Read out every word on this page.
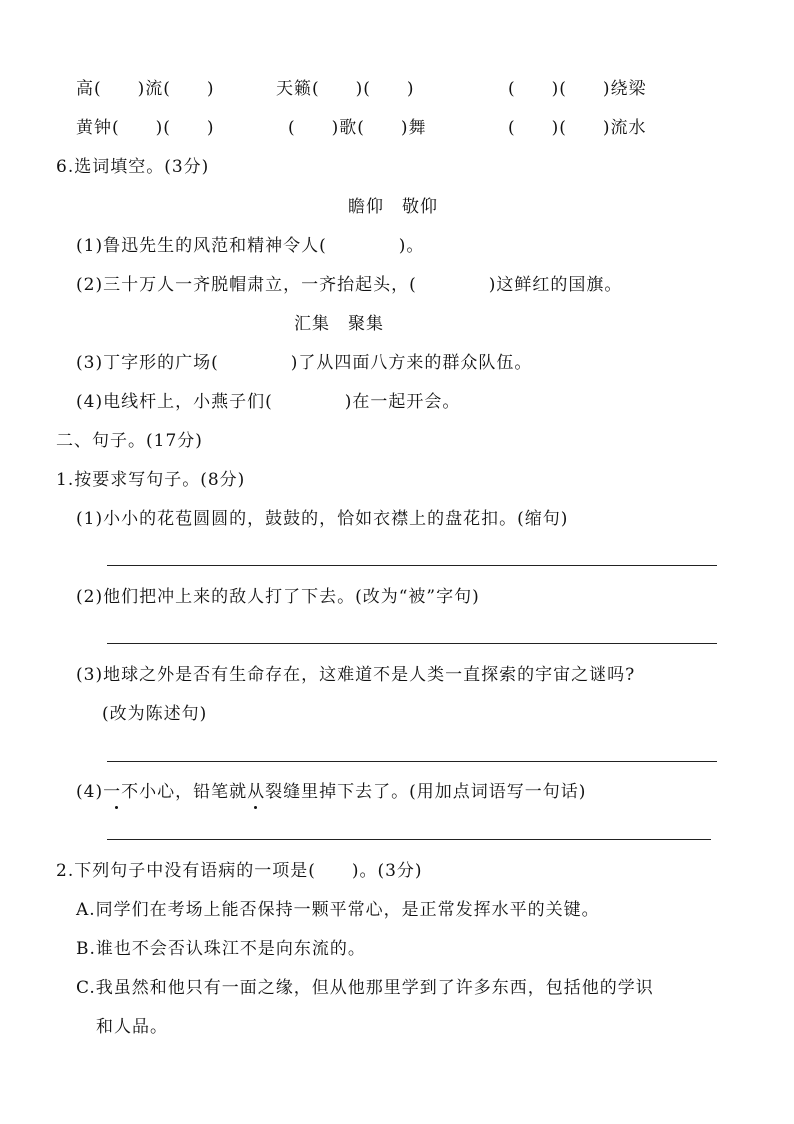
高(　　)流(　　)	天籁(　　)(　　)	(　　)(　　)绕梁
黄钟(　　)(　　)	(　　)歌(　　)舞	(　　)(　　)流水
6.选词填空。(3分)
瞻仰　敬仰
(1)鲁迅先生的风范和精神令人(　　　　)。
(2)三十万人一齐脱帽肃立，一齐抬起头，(　　　　)这鲜红的国旗。
汇集　聚集
(3)丁字形的广场(　　　　)了从四面八方来的群众队伍。
(4)电线杆上，小燕子们(　　　　)在一起开会。
二、句子。(17分)
1.按要求写句子。(8分)
(1)小小的花苞圆圆的，鼓鼓的，恰如衣襟上的盘花扣。(缩句)
(2)他们把冲上来的敌人打了下去。(改为“被”字句)
(3)地球之外是否有生命存在，这难道不是人类一直探索的宇宙之谜吗?
(改为陈述句)
(4)一不小心，铅笔就从裂缝里掉下去了。(用加点词语写一句话)
2.下列句子中没有语病的一项是(　　)。(3分)
A.同学们在考场上能否保持一颗平常心，是正常发挥水平的关键。
B.谁也不会否认珠江不是向东流的。
C.我虽然和他只有一面之缘，但从他那里学到了许多东西，包括他的学识
和人品。
